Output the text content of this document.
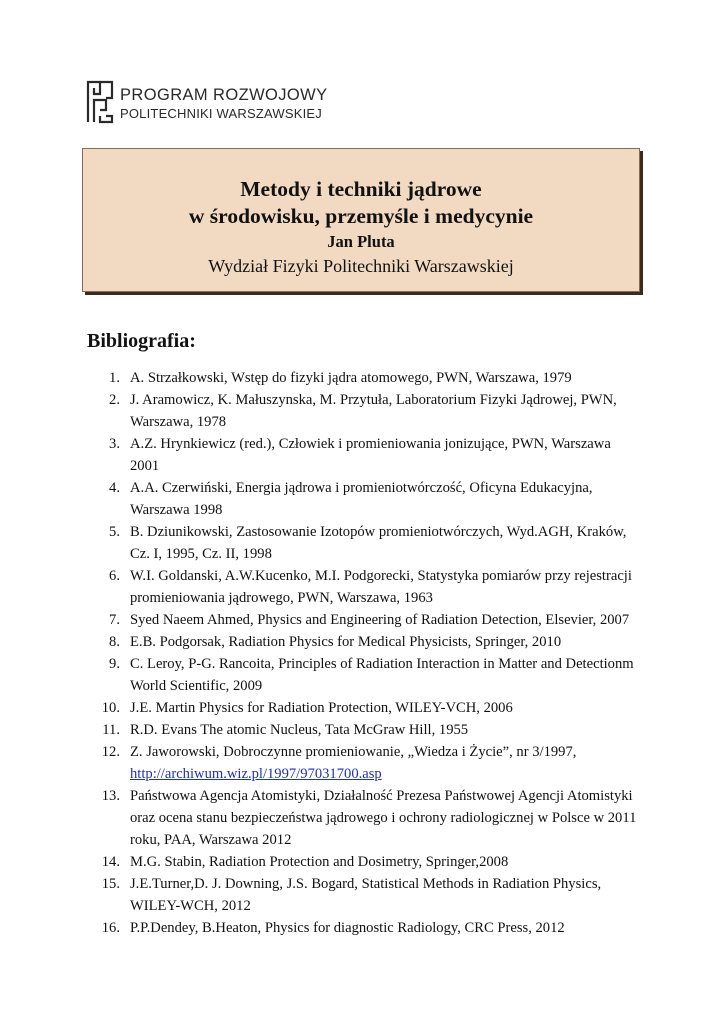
PROGRAM ROZWOJOWY
POLITECHNIKI WARSZAWSKIEJ
Metody i techniki jądrowe
w środowisku, przemyśle i medycynie
Jan Pluta
Wydział Fizyki Politechniki Warszawskiej
Bibliografia:
1. A. Strzałkowski, Wstęp do fizyki jądra atomowego, PWN, Warszawa, 1979
2. J. Aramowicz, K. Małuszynska, M. Przytuła, Laboratorium Fizyki Jądrowej, PWN,
Warszawa, 1978
3. A.Z. Hrynkiewicz (red.), Człowiek i promieniowania jonizujące, PWN, Warszawa
2001
4. A.A. Czerwiński, Energia jądrowa i promieniotwórczość, Oficyna Edukacyjna,
Warszawa 1998
5. B. Dziunikowski, Zastosowanie Izotopów promieniotwórczych, Wyd.AGH, Kraków,
Cz. I, 1995, Cz. II, 1998
6. W.I. Goldanski, A.W.Kucenko, M.I. Podgorecki, Statystyka pomiarów przy rejestracji
promieniowania jądrowego, PWN, Warszawa, 1963
7. Syed Naeem Ahmed, Physics and Engineering of Radiation Detection, Elsevier, 2007
8. E.B. Podgorsak, Radiation Physics for Medical Physicists, Springer, 2010
9. C. Leroy, P-G. Rancoita, Principles of Radiation Interaction in Matter and Detectionm
World Scientific, 2009
10. J.E. Martin Physics for Radiation Protection, WILEY-VCH, 2006
11. R.D. Evans The atomic Nucleus, Tata McGraw Hill, 1955
12. Z. Jaworowski, Dobroczynne promieniowanie, „Wiedza i Życie”, nr 3/1997,
http://archiwum.wiz.pl/1997/97031700.asp
13. Państwowa Agencja Atomistyki, Działalność Prezesa Państwowej Agencji Atomistyki
oraz ocena stanu bezpieczeństwa jądrowego i ochrony radiologicznej w Polsce w 2011
roku, PAA, Warszawa 2012
14. M.G. Stabin, Radiation Protection and Dosimetry, Springer,2008
15. J.E.Turner,D. J. Downing, J.S. Bogard, Statistical Methods in Radiation Physics,
WILEY-WCH, 2012
16. P.P.Dendey, B.Heaton, Physics for diagnostic Radiology, CRC Press, 2012
